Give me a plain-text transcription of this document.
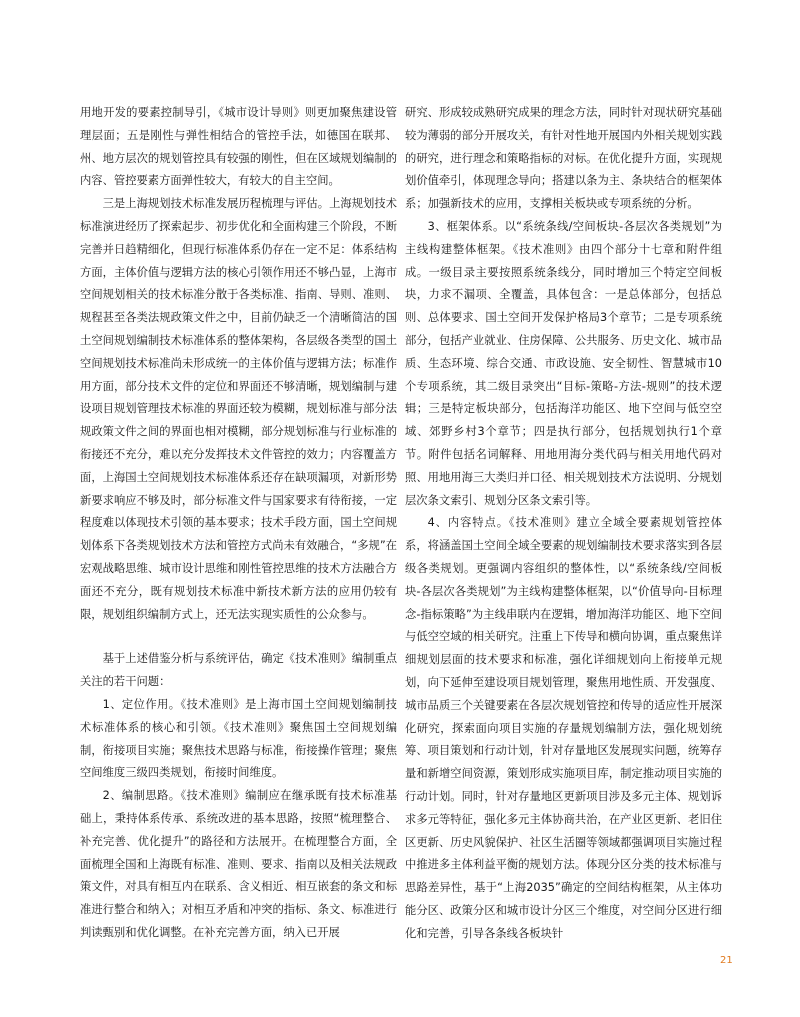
用地开发的要素控制导引，《城市设计导则》则更加聚焦建设管理层面；五是刚性与弹性相结合的管控手法，如德国在联邦、州、地方层次的规划管控具有较强的刚性，但在区域规划编制的内容、管控要素方面弹性较大，有较大的自主空间。

三是上海规划技术标准发展历程梳理与评估。上海规划技术标准演进经历了探索起步、初步优化和全面构建三个阶段，不断完善并日趋精细化，但现行标准体系仍存在一定不足：体系结构方面，主体价值与逻辑方法的核心引领作用还不够凸显，上海市空间规划相关的技术标准分散于各类标准、指南、导则、准则、规程甚至各类法规政策文件之中，目前仍缺乏一个清晰简洁的国土空间规划编制技术标准体系的整体架构，各层级各类型的国土空间规划技术标准尚未形成统一的主体价值与逻辑方法；标准作用方面，部分技术文件的定位和界面还不够清晰，规划编制与建设项目规划管理技术标准的界面还较为模糊，规划标准与部分法规政策文件之间的界面也相对模糊，部分规划标准与行业标准的衔接还不充分，难以充分发挥技术文件管控的效力；内容覆盖方面，上海国土空间规划技术标准体系还存在缺项漏项，对新形势新要求响应不够及时，部分标准文件与国家要求有待衔接，一定程度难以体现技术引领的基本要求；技术手段方面，国土空间规划体系下各类规划技术方法和管控方式尚未有效融合，“多规”在宏观战略思维、城市设计思维和刚性管控思维的技术方法融合方面还不充分，既有规划技术标准中新技术新方法的应用仍较有限，规划组织编制方式上，还无法实现实质性的公众参与。

基于上述借鉴分析与系统评估，确定《技术准则》编制重点关注的若干问题：

1、定位作用。《技术准则》是上海市国土空间规划编制技术标准体系的核心和引领。《技术准则》聚焦国土空间规划编制，衔接项目实施；聚焦技术思路与标准，衔接操作管理；聚焦空间维度三级四类规划，衔接时间维度。

2、编制思路。《技术准则》编制应在继承既有技术标准基础上，秉持体系传承、系统改进的基本思路，按照“梳理整合、补充完善、优化提升”的路径和方法展开。在梳理整合方面，全面梳理全国和上海既有标准、准则、要求、指南以及相关法规政策文件，对具有相互内在联系、含义相近、相互嵌套的条文和标准进行整合和纳入；对相互矛盾和冲突的指标、条文、标准进行判读甄别和优化调整。在补充完善方面，纳入已开展

研究、形成较成熟研究成果的理念方法，同时针对现状研究基础较为薄弱的部分开展攻关，有针对性地开展国内外相关规划实践的研究，进行理念和策略指标的对标。在优化提升方面，实现规划价值牵引，体现理念导向；搭建以条为主、条块结合的框架体系；加强新技术的应用，支撑相关板块或专项系统的分析。

3、框架体系。以“系统条线/空间板块-各层次各类规划”为主线构建整体框架。《技术准则》由四个部分十七章和附件组成。一级目录主要按照系统条线分，同时增加三个特定空间板块，力求不漏项、全覆盖，具体包含：一是总体部分，包括总则、总体要求、国土空间开发保护格局3个章节；二是专项系统部分，包括产业就业、住房保障、公共服务、历史文化、城市品质、生态环境、综合交通、市政设施、安全韧性、智慧城市10个专项系统，其二级目录突出“目标-策略-方法-规则”的技术逻辑；三是特定板块部分，包括海洋功能区、地下空间与低空空域、郊野乡村3个章节；四是执行部分，包括规划执行1个章节。附件包括名词解释、用地用海分类代码与相关用地代码对照、用地用海三大类归并口径、相关规划技术方法说明、分规划层次条文索引、规划分区条文索引等。

4、内容特点。《技术准则》建立全域全要素规划管控体系，将涵盖国土空间全域全要素的规划编制技术要求落实到各层级各类规划。更强调内容组织的整体性，以“系统条线/空间板块-各层次各类规划”为主线构建整体框架，以“价值导向-目标理念-指标策略”为主线串联内在逻辑，增加海洋功能区、地下空间与低空空域的相关研究。注重上下传导和横向协调，重点聚焦详细规划层面的技术要求和标准，强化详细规划向上衔接单元规划，向下延伸至建设项目规划管理，聚焦用地性质、开发强度、城市品质三个关键要素在各层次规划管控和传导的适应性开展深化研究，探索面向项目实施的存量规划编制方法，强化规划统筹、项目策划和行动计划，针对存量地区发展现实问题，统筹存量和新增空间资源，策划形成实施项目库，制定推动项目实施的行动计划。同时，针对存量地区更新项目涉及多元主体、规划诉求多元等特征，强化多元主体协商共治，在产业区更新、老旧住区更新、历史风貌保护、社区生活圈等领域都强调项目实施过程中推进多主体利益平衡的规划方法。体现分区分类的技术标准与思路差异性，基于“上海2035”确定的空间结构框架，从主体功能分区、政策分区和城市设计分区三个维度，对空间分区进行细化和完善，引导各条线各板块针

21
